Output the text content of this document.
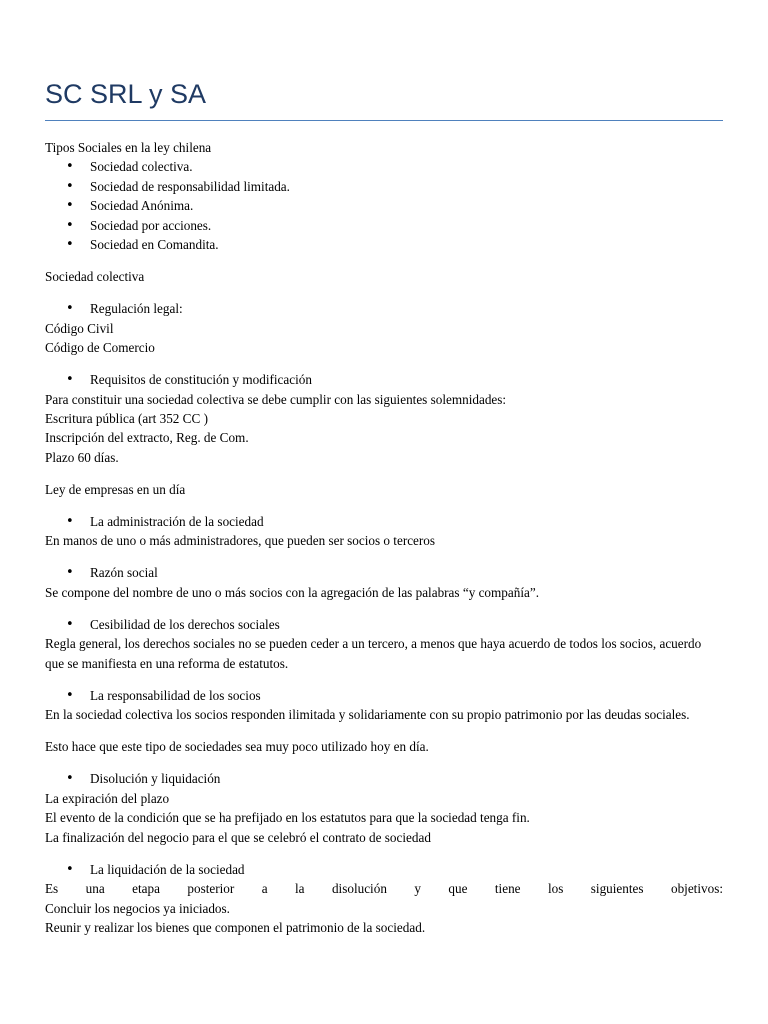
SC SRL y SA

Tipos Sociales en la ley chilena

• Sociedad colectiva.
• Sociedad de responsabilidad limitada.
• Sociedad Anónima.
• Sociedad por acciones.
• Sociedad en Comandita.

Sociedad colectiva

• Regulación legal:

Código Civil

Código de Comercio

• Requisitos de constitución y modificación

Para constituir una sociedad colectiva se debe cumplir con las siguientes solemnidades:

Escritura pública (art 352 CC )

Inscripción del extracto, Reg. de Com.

Plazo 60 días.

Ley de empresas en un día

• La administración de la sociedad

En manos de uno o más administradores, que pueden ser socios o terceros

• Razón social

Se compone del nombre de uno o más socios con la agregación de las palabras “y compañía”.

• Cesibilidad de los derechos sociales

Regla general, los derechos sociales no se pueden ceder a un tercero, a menos que haya acuerdo de todos los socios, acuerdo que se manifiesta en una reforma de estatutos.

• La responsabilidad de los socios

En la sociedad colectiva los socios responden ilimitada y solidariamente con su propio patrimonio por las deudas sociales.

Esto hace que este tipo de sociedades sea muy poco utilizado hoy en día.

• Disolución y liquidación

La expiración del plazo

El evento de la condición que se ha prefijado en los estatutos para que la sociedad tenga fin.

La finalización del negocio para el que se celebró el contrato de sociedad

• La liquidación de la sociedad

Es una etapa posterior a la disolución y que tiene los siguientes objetivos:

Concluir los negocios ya iniciados.

Reunir y realizar los bienes que componen el patrimonio de la sociedad.
